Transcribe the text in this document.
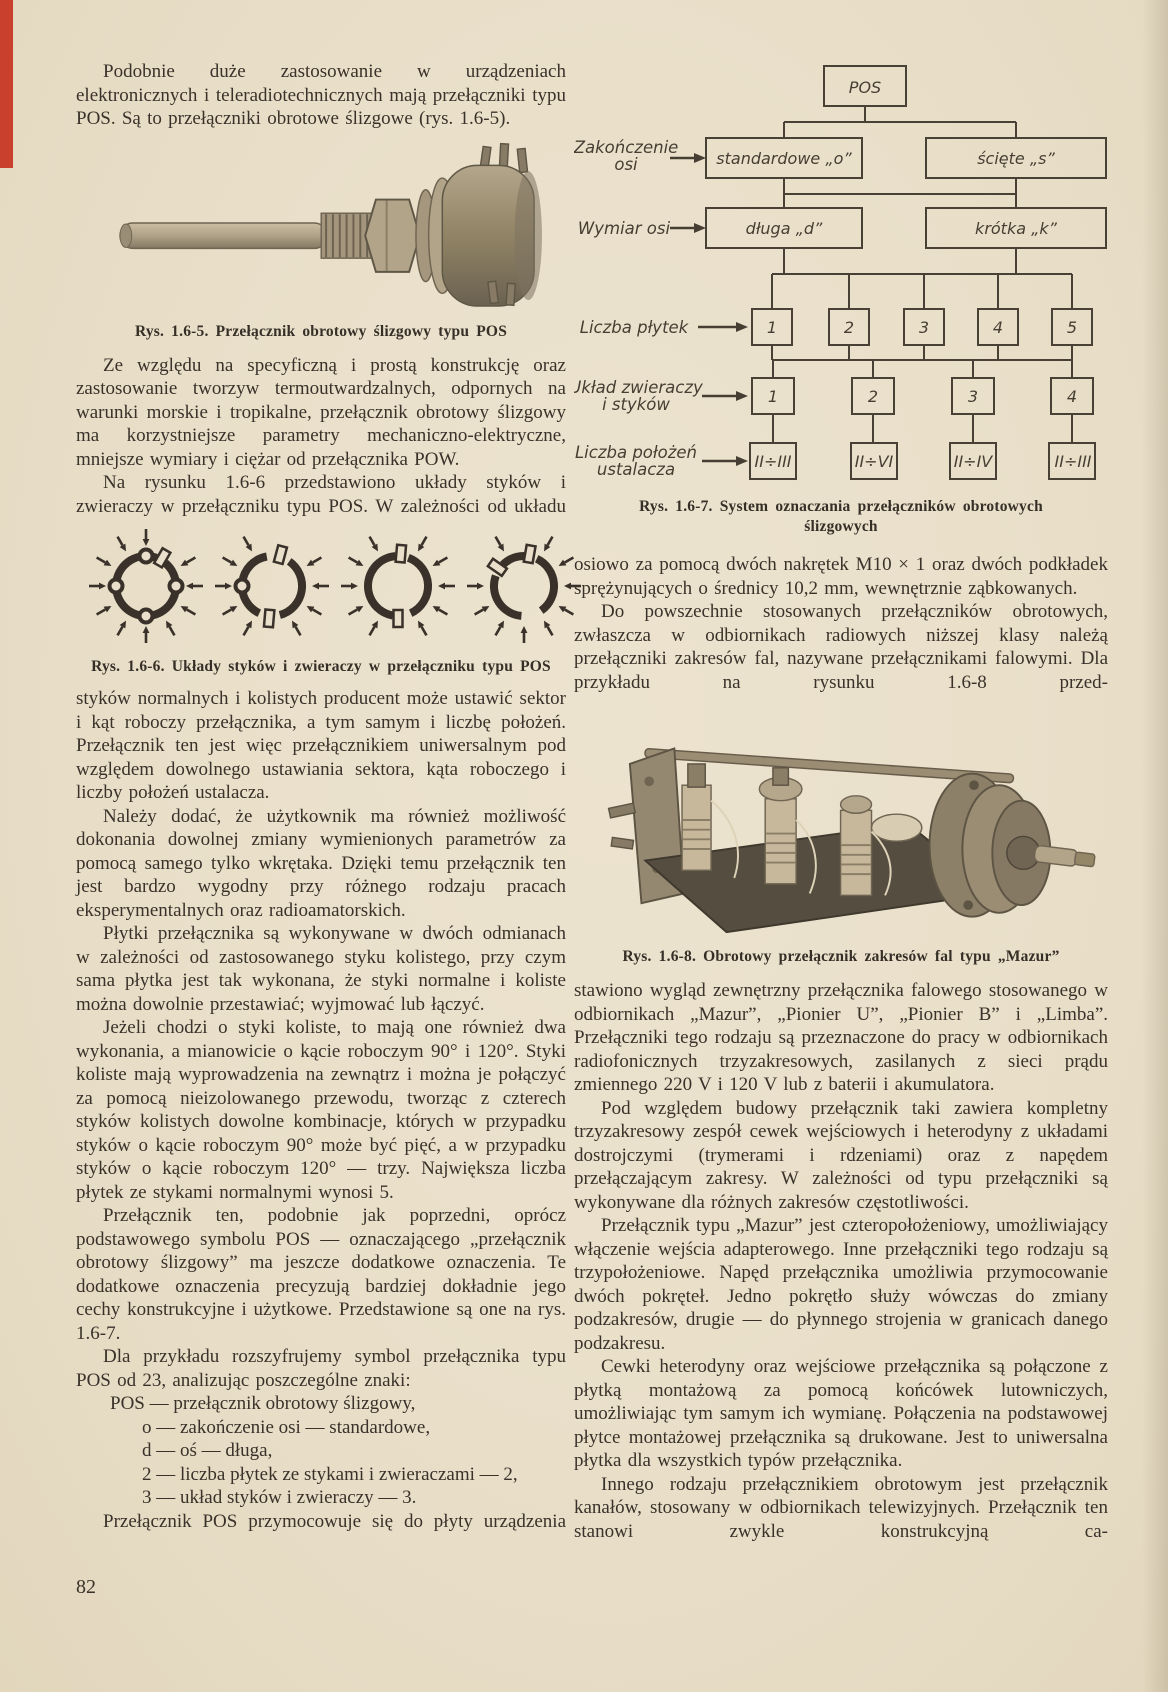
Podobnie duże zastosowanie w urządzeniach elektronicznych i teleradiotechnicznych mają przełączniki typu POS. Są to przełączniki obrotowe ślizgowe (rys. 1.6-5).

Rys. 1.6-5. Przełącznik obrotowy ślizgowy typu POS

Ze względu na specyficzną i prostą konstrukcję oraz zastosowanie tworzyw termoutwardzalnych, odpornych na warunki morskie i tropikalne, przełącznik obrotowy ślizgowy ma korzystniejsze parametry mechaniczno-elektryczne, mniejsze wymiary i ciężar od przełącznika POW.

Na rysunku 1.6-6 przedstawiono układy styków i zwieraczy w przełączniku typu POS. W zależności od układu

Rys. 1.6-6. Układy styków i zwieraczy w przełączniku typu POS

styków normalnych i kolistych producent może ustawić sektor i kąt roboczy przełącznika, a tym samym i liczbę położeń. Przełącznik ten jest więc przełącznikiem uniwersalnym pod względem dowolnego ustawiania sektora, kąta roboczego i liczby położeń ustalacza.

Należy dodać, że użytkownik ma również możliwość dokonania dowolnej zmiany wymienionych parametrów za pomocą samego tylko wkrętaka. Dzięki temu przełącznik ten jest bardzo wygodny przy różnego rodzaju pracach eksperymentalnych oraz radioamatorskich.

Płytki przełącznika są wykonywane w dwóch odmianach w zależności od zastosowanego styku kolistego, przy czym sama płytka jest tak wykonana, że styki normalne i koliste można dowolnie przestawiać; wyjmować lub łączyć.

Jeżeli chodzi o styki koliste, to mają one również dwa wykonania, a mianowicie o kącie roboczym 90° i 120°. Styki koliste mają wyprowadzenia na zewnątrz i można je połączyć za pomocą nieizolowanego przewodu, tworząc z czterech styków kolistych dowolne kombinacje, których w przypadku styków o kącie roboczym 90° może być pięć, a w przypadku styków o kącie roboczym 120° — trzy. Największa liczba płytek ze stykami normalnymi wynosi 5.

Przełącznik ten, podobnie jak poprzedni, oprócz podstawowego symbolu POS — oznaczającego „przełącznik obrotowy ślizgowy” ma jeszcze dodatkowe oznaczenia. Te dodatkowe oznaczenia precyzują bardziej dokładnie jego cechy konstrukcyjne i użytkowe. Przedstawione są one na rys. 1.6-7.

Dla przykładu rozszyfrujemy symbol przełącznika typu POS od 23, analizując poszczególne znaki:

POS — przełącznik obrotowy ślizgowy,
o — zakończenie osi — standardowe,
d — oś — długa,
2 — liczba płytek ze stykami i zwieraczami — 2,
3 — układ styków i zwieraczy — 3.

Przełącznik POS przymocowuje się do płyty urządzenia

POS
Zakończenie
osi	standardowe „o”	ścięte „s”
Wymiar osi	długa „d”	krótka „k”
Liczba płytek	1	2	3	4	5
Układ zwieraczy
i styków	1	2	3	4
Liczba położeń
ustalacza	II÷III	II÷VI	II÷IV	II÷III
Rys. 1.6-7. System oznaczania przełączników obrotowych ślizgowych

osiowo za pomocą dwóch nakrętek M10 × 1 oraz dwóch podkładek sprężynujących o średnicy 10,2 mm, wewnętrznie ząbkowanych.

Do powszechnie stosowanych przełączników obrotowych, zwłaszcza w odbiornikach radiowych niższej klasy należą przełączniki zakresów fal, nazywane przełącznikami falowymi. Dla przykładu na rysunku 1.6-8 przed-

Rys. 1.6-8. Obrotowy przełącznik zakresów fal typu „Mazur”

stawiono wygląd zewnętrzny przełącznika falowego stosowanego w odbiornikach „Mazur”, „Pionier U”, „Pionier B” i „Limba”. Przełączniki tego rodzaju są przeznaczone do pracy w odbiornikach radiofonicznych trzyzakresowych, zasilanych z sieci prądu zmiennego 220 V i 120 V lub z baterii i akumulatora.

Pod względem budowy przełącznik taki zawiera kompletny trzyzakresowy zespół cewek wejściowych i heterodyny z układami dostrojczymi (trymerami i rdzeniami) oraz z napędem przełączającym zakresy. W zależności od typu przełączniki są wykonywane dla różnych zakresów częstotliwości.

Przełącznik typu „Mazur” jest czteropołożeniowy, umożliwiający włączenie wejścia adapterowego. Inne przełączniki tego rodzaju są trzypołożeniowe. Napęd przełącznika umożliwia przymocowanie dwóch pokręteł. Jedno pokrętło służy wówczas do zmiany podzakresów, drugie — do płynnego strojenia w granicach danego podzakresu.

Cewki heterodyny oraz wejściowe przełącznika są połączone z płytką montażową za pomocą końcówek lutowniczych, umożliwiając tym samym ich wymianę. Połączenia na podstawowej płytce montażowej przełącznika są drukowane. Jest to uniwersalna płytka dla wszystkich typów przełącznika.

Innego rodzaju przełącznikiem obrotowym jest przełącznik kanałów, stosowany w odbiornikach telewizyjnych. Przełącznik ten stanowi zwykle konstrukcyjną ca-

82
